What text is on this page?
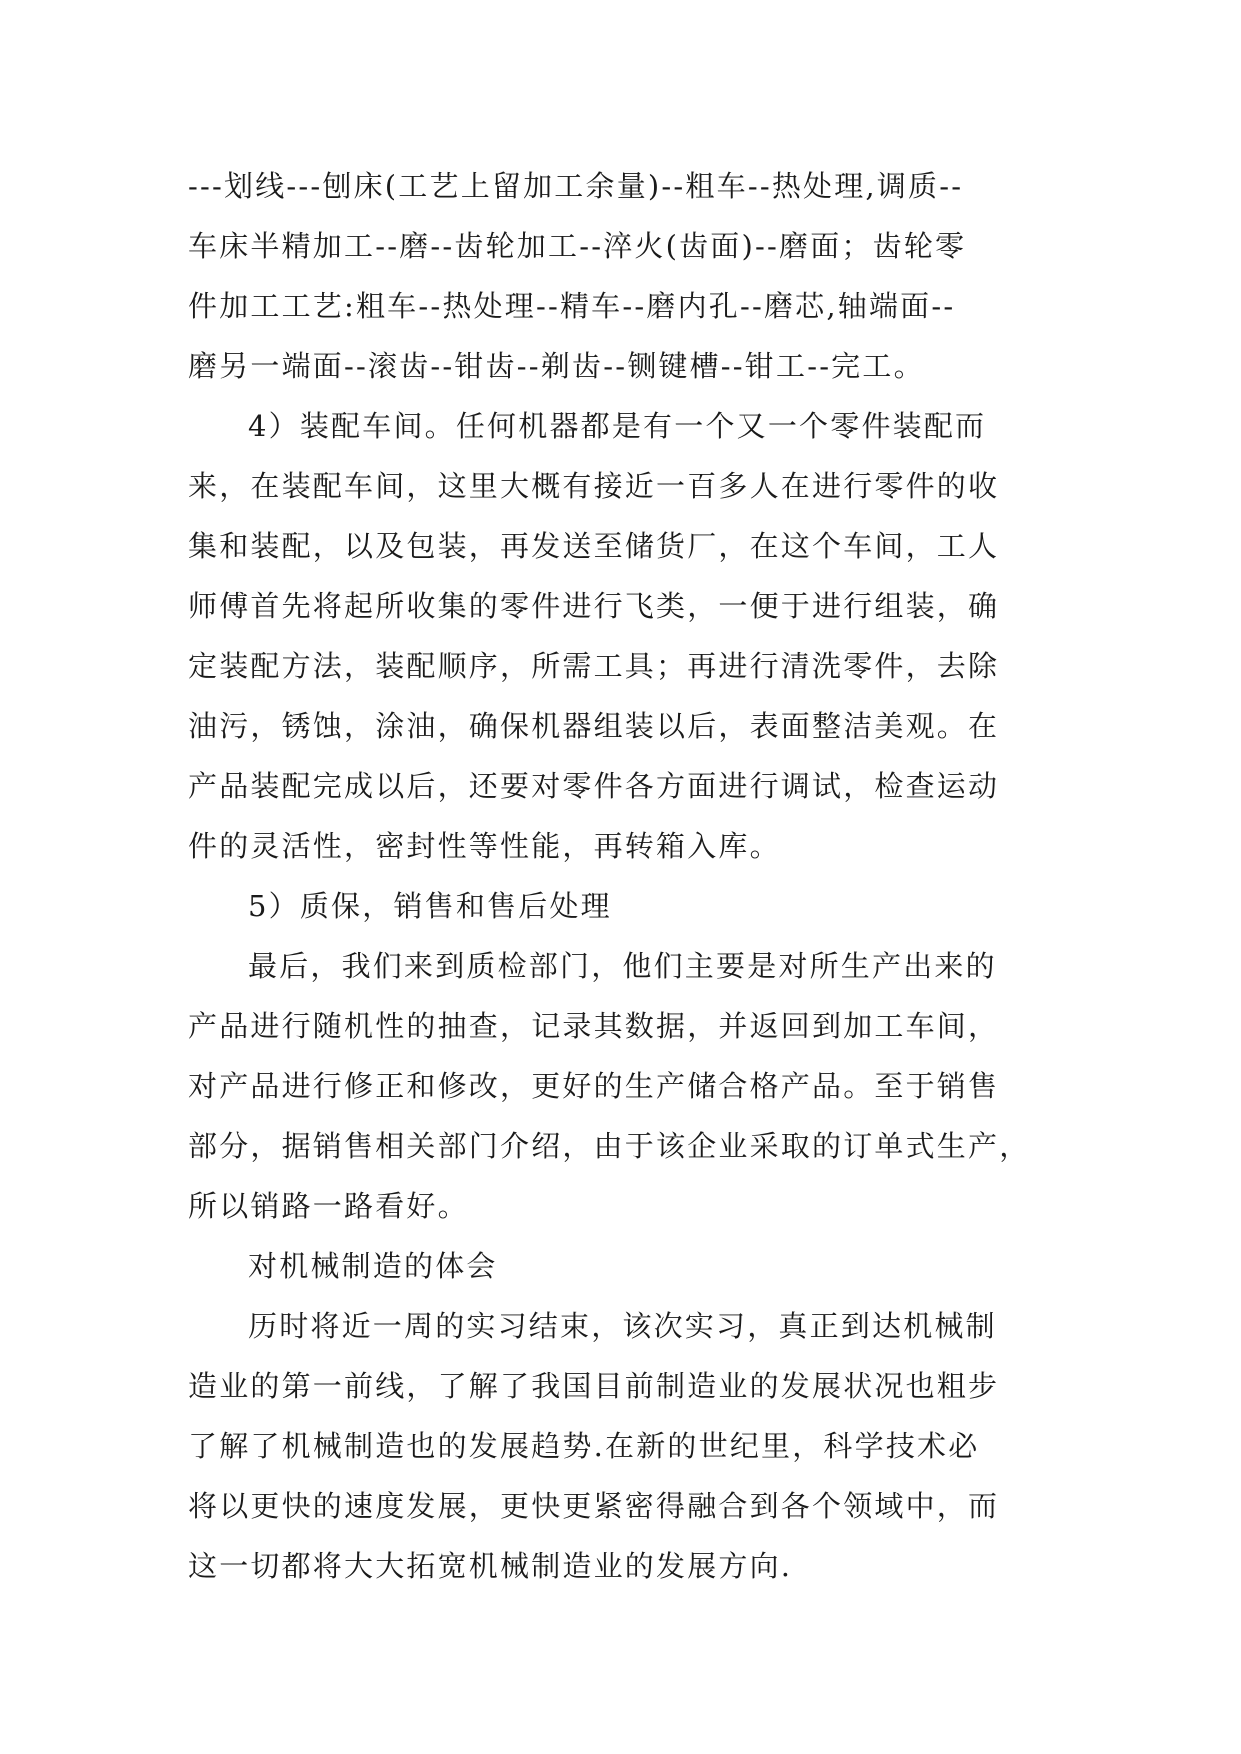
---划线---刨床(工艺上留加工余量)--粗车--热处理,调质--
车床半精加工--磨--齿轮加工--淬火(齿面)--磨面；齿轮零
件加工工艺:粗车--热处理--精车--磨内孔--磨芯,轴端面--
磨另一端面--滚齿--钳齿--剃齿--铡键槽--钳工--完工。
4）装配车间。任何机器都是有一个又一个零件装配而
来，在装配车间，这里大概有接近一百多人在进行零件的收
集和装配，以及包装，再发送至储货厂，在这个车间，工人
师傅首先将起所收集的零件进行飞类，一便于进行组装，确
定装配方法，装配顺序，所需工具；再进行清洗零件，去除
油污，锈蚀，涂油，确保机器组装以后，表面整洁美观。在
产品装配完成以后，还要对零件各方面进行调试，检查运动
件的灵活性，密封性等性能，再转箱入库。
5）质保，销售和售后处理
最后，我们来到质检部门，他们主要是对所生产出来的
产品进行随机性的抽查，记录其数据，并返回到加工车间，
对产品进行修正和修改，更好的生产储合格产品。至于销售
部分，据销售相关部门介绍，由于该企业采取的订单式生产，
所以销路一路看好。
对机械制造的体会
历时将近一周的实习结束，该次实习，真正到达机械制
造业的第一前线，了解了我国目前制造业的发展状况也粗步
了解了机械制造也的发展趋势.在新的世纪里，科学技术必
将以更快的速度发展，更快更紧密得融合到各个领域中，而
这一切都将大大拓宽机械制造业的发展方向.
